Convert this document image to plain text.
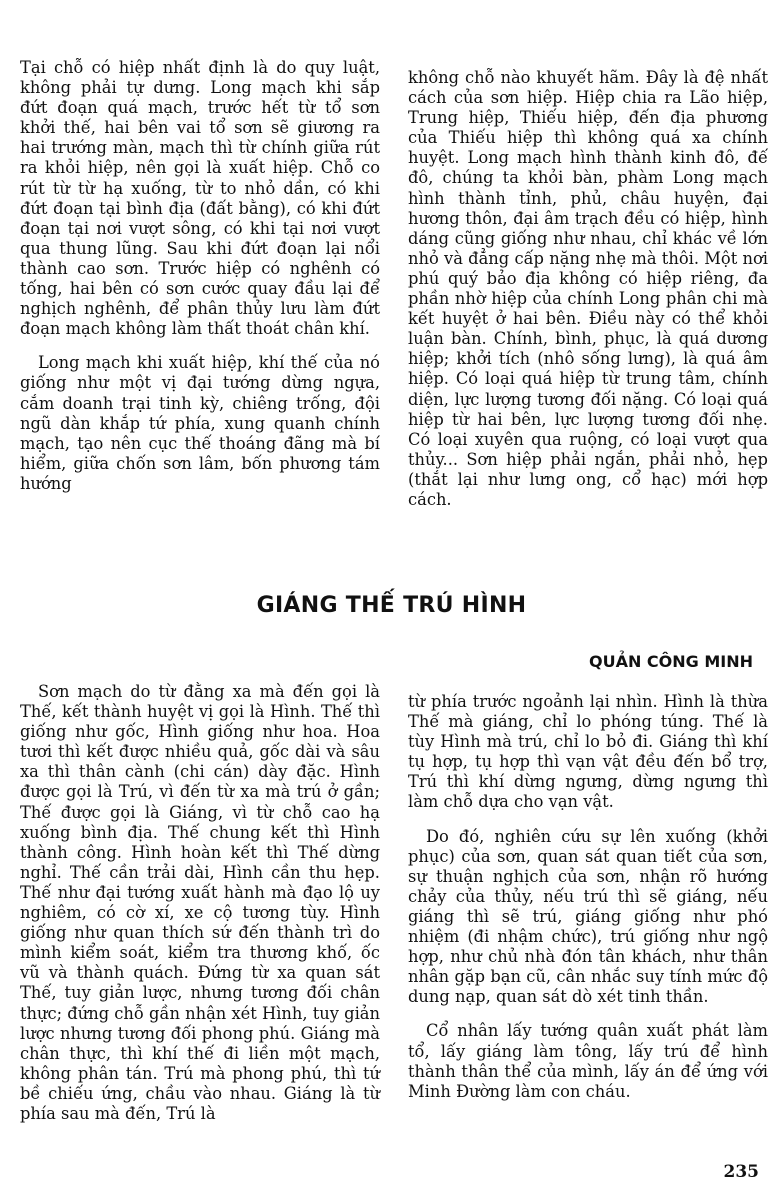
Tại chỗ có hiệp nhất định là do quy luật, không phải tự dưng. Long mạch khi sắp đứt đoạn quá mạch, trước hết từ tổ sơn khởi thế, hai bên vai tổ sơn sẽ giương ra hai trướng màn, mạch thì từ chính giữa rút ra khỏi hiệp, nên gọi là xuất hiệp. Chỗ co rút từ từ hạ xuống, từ to nhỏ dần, có khi đứt đoạn tại bình địa (đất bằng), có khi đứt đoạn tại nơi vượt sông, có khi tại nơi vượt qua thung lũng. Sau khi đứt đoạn lại nổi thành cao sơn. Trước hiệp có nghênh có tống, hai bên có sơn cước quay đầu lại để nghịch nghênh, để phân thủy lưu làm đứt đoạn mạch không làm thất thoát chân khí.

Long mạch khi xuất hiệp, khí thế của nó giống như một vị đại tướng dừng ngựa, cắm doanh trại tinh kỳ, chiêng trống, đội ngũ dàn khắp tứ phía, xung quanh chính mạch, tạo nên cục thế thoáng đãng mà bí hiểm, giữa chốn sơn lâm, bốn phương tám hướng

không chỗ nào khuyết hãm. Đây là đệ nhất cách của sơn hiệp. Hiệp chia ra Lão hiệp, Trung hiệp, Thiếu hiệp, đến địa phương của Thiếu hiệp thì không quá xa chính huyệt. Long mạch hình thành kinh đô, đế đô, chúng ta khỏi bàn, phàm Long mạch hình thành tỉnh, phủ, châu huyện, đại hương thôn, đại âm trạch đều có hiệp, hình dáng cũng giống như nhau, chỉ khác về lớn nhỏ và đẳng cấp nặng nhẹ mà thôi. Một nơi phú quý bảo địa không có hiệp riêng, đa phần nhờ hiệp của chính Long phân chi mà kết huyệt ở hai bên. Điều này có thể khỏi luận bàn. Chính, bình, phục, là quá dương hiệp; khởi tích (nhô sống lưng), là quá âm hiệp. Có loại quá hiệp từ trung tâm, chính diện, lực lượng tương đối nặng. Có loại quá hiệp từ hai bên, lực lượng tương đối nhẹ. Có loại xuyên qua ruộng, có loại vượt qua thủy... Sơn hiệp phải ngắn, phải nhỏ, hẹp (thắt lại như lưng ong, cổ hạc) mới hợp cách.

GIÁNG THẾ TRÚ HÌNH
QUẢN CÔNG MINH

Sơn mạch do từ đằng xa mà đến gọi là Thế, kết thành huyệt vị gọi là Hình. Thế thì giống như gốc, Hình giống như hoa. Hoa tươi thì kết được nhiều quả, gốc dài và sâu xa thì thân cành (chi cán) dày đặc. Hình được gọi là Trú, vì đến từ xa mà trú ở gần; Thế được gọi là Giáng, vì từ chỗ cao hạ xuống bình địa. Thế chung kết thì Hình thành công. Hình hoàn kết thì Thế dừng nghỉ. Thế cần trải dài, Hình cần thu hẹp. Thế như đại tướng xuất hành mà đạo lộ uy nghiêm, có cờ xí, xe cộ tương tùy. Hình giống như quan thích sứ đến thành trì do mình kiểm soát, kiểm tra thương khố, ốc vũ và thành quách. Đứng từ xa quan sát Thế, tuy giản lược, nhưng tương đối chân thực; đứng chỗ gần nhận xét Hình, tuy giản lược nhưng tương đối phong phú. Giáng mà chân thực, thì khí thế đi liền một mạch, không phân tán. Trú mà phong phú, thì tứ bề chiếu ứng, chầu vào nhau. Giáng là từ phía sau mà đến, Trú là

từ phía trước ngoảnh lại nhìn. Hình là thừa Thế mà giáng, chỉ lo phóng túng. Thế là tùy Hình mà trú, chỉ lo bỏ đi. Giáng thì khí tụ hợp, tụ hợp thì vạn vật đều đến bổ trợ, Trú thì khí dừng ngưng, dừng ngưng thì làm chỗ dựa cho vạn vật.

Do đó, nghiên cứu sự lên xuống (khởi phục) của sơn, quan sát quan tiết của sơn, sự thuận nghịch của sơn, nhận rõ hướng chảy của thủy, nếu trú thì sẽ giáng, nếu giáng thì sẽ trú, giáng giống như phó nhiệm (đi nhậm chức), trú giống như ngộ hợp, như chủ nhà đón tân khách, như thân nhân gặp bạn cũ, cân nhắc suy tính mức độ dung nạp, quan sát dò xét tinh thần.

Cổ nhân lấy tướng quân xuất phát làm tổ, lấy giáng làm tông, lấy trú để hình thành thân thể của mình, lấy án để ứng với Minh Đường làm con cháu.

235
